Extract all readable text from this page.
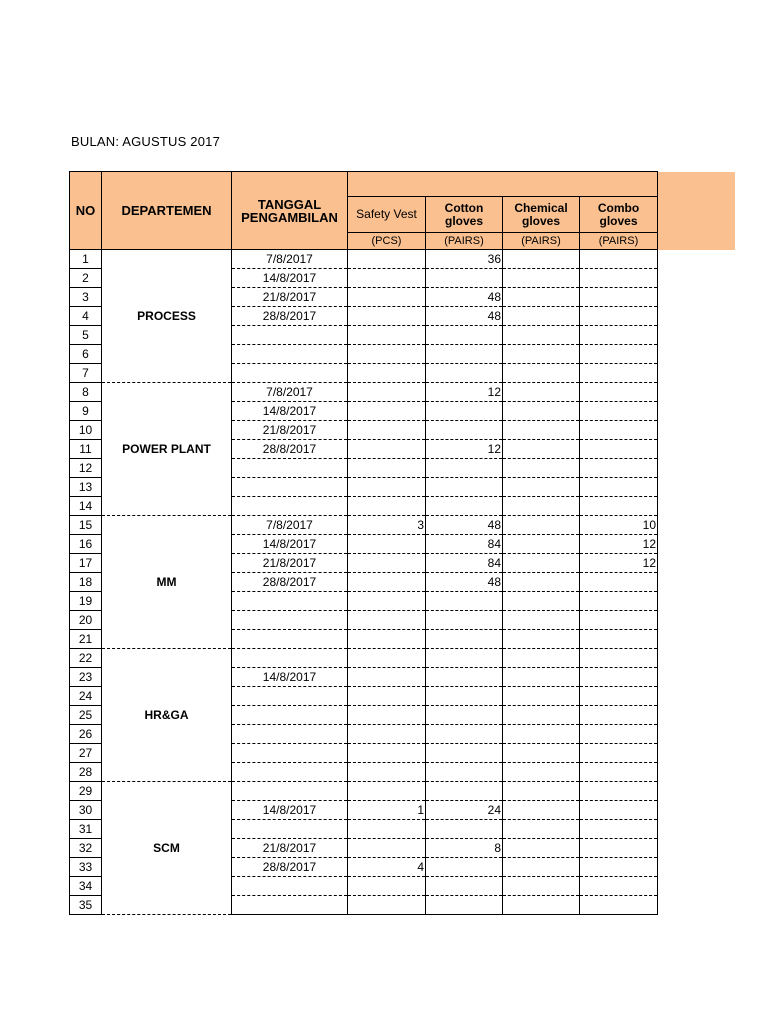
BULAN: AGUSTUS 2017
NO	DEPARTEMEN	TANGGAL PENGAMBILAN				
			Safety Vest	Cotton gloves	Chemical gloves	Combo gloves
			(PCS)	(PAIRS)	(PAIRS)	(PAIRS)
1	PROCESS	7/8/2017		36		
2		14/8/2017				
3		21/8/2017		48		
4		28/8/2017		48		
5						
6						
7						
8	POWER PLANT	7/8/2017		12		
9		14/8/2017				
10		21/8/2017				
11		28/8/2017		12		
12						
13						
14						
15	MM	7/8/2017	3	48		10
16		14/8/2017		84		12
17		21/8/2017		84		12
18		28/8/2017		48		
19						
20						
21						
22	HR&GA					
23		14/8/2017				
24						
25						
26						
27						
28						
29	SCM					
30		14/8/2017	1	24		
31						
32		21/8/2017		8		
33		28/8/2017	4			
34						
35						
